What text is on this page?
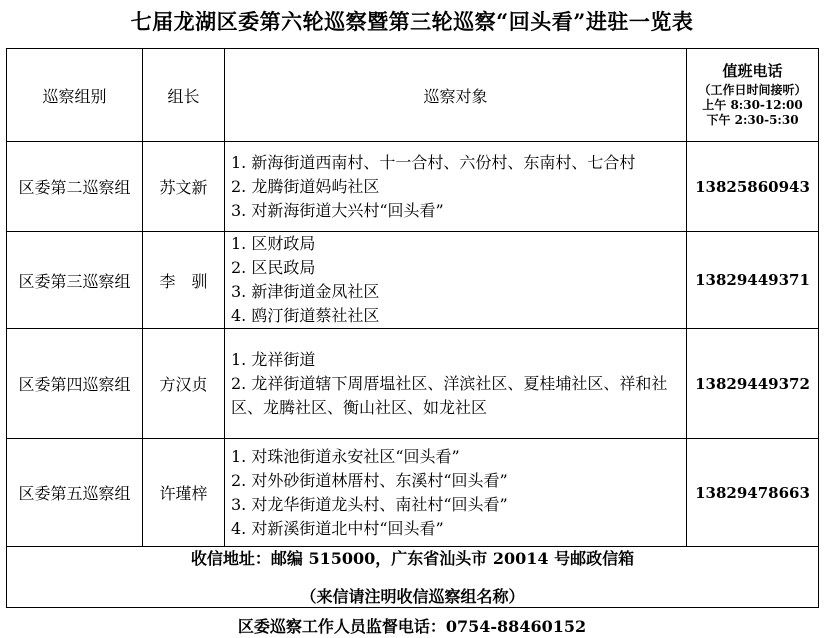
七届龙湖区委第六轮巡察暨第三轮巡察“回头看”进驻一览表
巡察组别	组长	巡察对象	值班电话
（工作日时间接听）
上午 8:30-12:00
下午 2:30-5:30

区委第二巡察组	苏文新	1. 新海街道西南村、十一合村、六份村、东南村、七合村
2. 龙腾街道妈屿社区
3. 对新海街道大兴村“回头看”	13825860943
区委第三巡察组	李　驯	1. 区财政局
2. 区民政局
3. 新津街道金凤社区
4. 鸥汀街道蔡社社区	13829449371
区委第四巡察组	方汉贞	1. 龙祥街道
2. 龙祥街道辖下周厝塭社区、洋滨社区、夏桂埔社区、祥和社区、龙腾社区、衡山社区、如龙社区	13829449372
区委第五巡察组	许瑾梓	1. 对珠池街道永安社区“回头看”
2. 对外砂街道林厝村、东溪村“回头看”
3. 对龙华街道龙头村、南社村“回头看”
4. 对新溪街道北中村“回头看”	13829478663

收信地址：邮编 515000，广东省汕头市 20014 号邮政信箱
（来信请注明收信巡察组名称）			
区委巡察工作人员监督电话：0754-88460152
